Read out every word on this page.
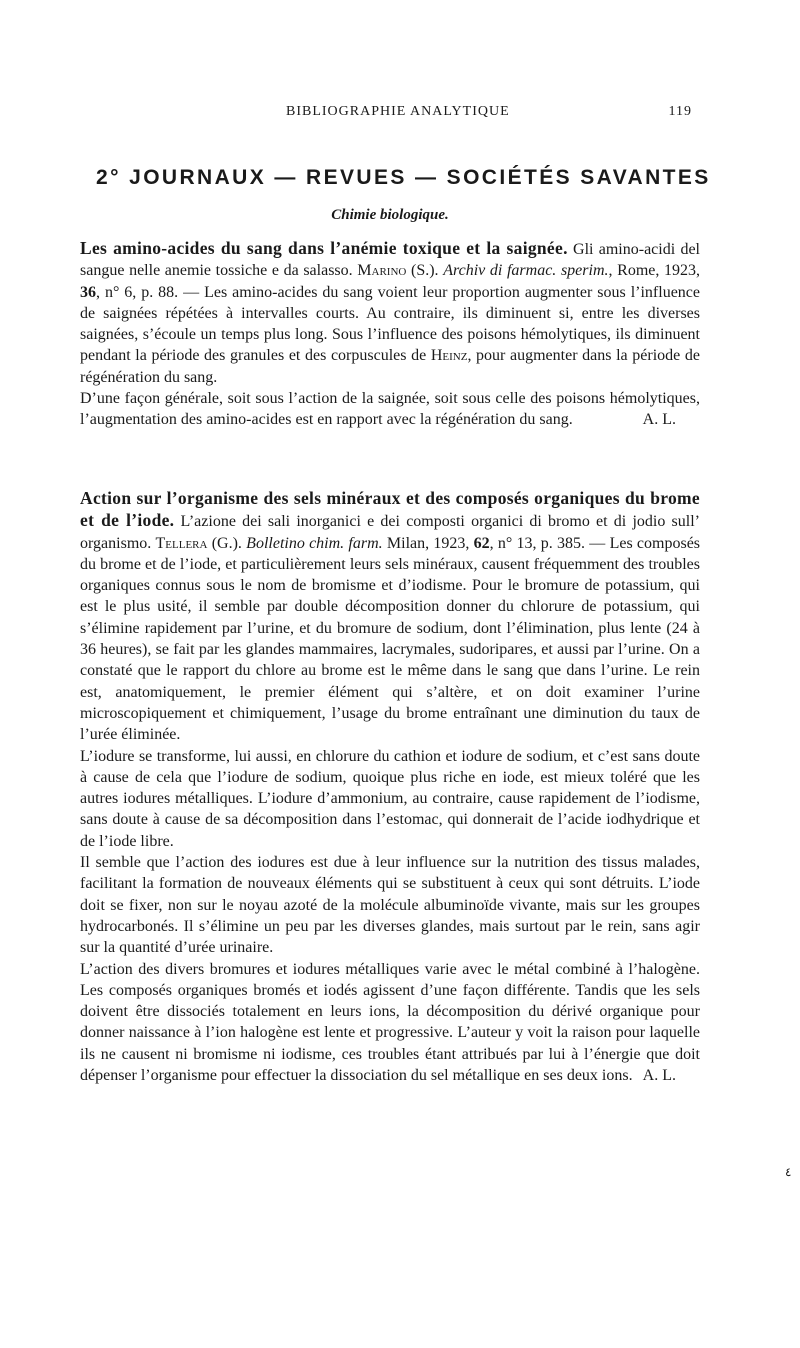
BIBLIOGRAPHIE ANALYTIQUE	119
2° JOURNAUX — REVUES — SOCIÉTÉS SAVANTES
Chimie biologique.

Les amino-acides du sang dans l’anémie toxique et la saignée. Gli amino-acidi del sangue nelle anemie tossiche e da salasso. Marino (S.). Archiv di farmac. sperim., Rome, 1923, 36, n° 6, p. 88. — Les amino-acides du sang voient leur proportion augmenter sous l’influence de saignées répétées à intervalles courts. Au contraire, ils diminuent si, entre les diverses saignées, s’écoule un temps plus long. Sous l’influence des poisons hémolytiques, ils diminuent pendant la période des granules et des corpuscules de Heinz, pour augmenter dans la période de régénération du sang.

D’une façon générale, soit sous l’action de la saignée, soit sous celle des poisons hémolytiques, l’augmentation des amino-acides est en rapport avec la régénération du sang.	A. L.

Action sur l’organisme des sels minéraux et des composés organiques du brome et de l’iode. L’azione dei sali inorganici e dei composti organici di bromo et di jodio sull’ organismo. Tellera (G.). Bolletino chim. farm. Milan, 1923, 62, n° 13, p. 385. — Les composés du brome et de l’iode, et particulièrement leurs sels minéraux, causent fréquemment des troubles organiques connus sous le nom de bromisme et d’iodisme. Pour le bromure de potassium, qui est le plus usité, il semble par double décomposition donner du chlorure de potassium, qui s’élimine rapidement par l’urine, et du bromure de sodium, dont l’élimination, plus lente (24 à 36 heures), se fait par les glandes mammaires, lacrymales, sudoripares, et aussi par l’urine. On a constaté que le rapport du chlore au brome est le même dans le sang que dans l’urine. Le rein est, anatomiquement, le premier élément qui s’altère, et on doit examiner l’urine microscopiquement et chimiquement, l’usage du brome entraînant une diminution du taux de l’urée éliminée.

L’iodure se transforme, lui aussi, en chlorure du cathion et iodure de sodium, et c’est sans doute à cause de cela que l’iodure de sodium, quoique plus riche en iode, est mieux toléré que les autres iodures métalliques. L’iodure d’ammonium, au contraire, cause rapidement de l’iodisme, sans doute à cause de sa décomposition dans l’estomac, qui donnerait de l’acide iodhydrique et de l’iode libre.

Il semble que l’action des iodures est due à leur influence sur la nutrition des tissus malades, facilitant la formation de nouveaux éléments qui se substituent à ceux qui sont détruits. L’iode doit se fixer, non sur le noyau azoté de la molécule albuminoïde vivante, mais sur les groupes hydrocarbonés. Il s’élimine un peu par les diverses glandes, mais surtout par le rein, sans agir sur la quantité d’urée urinaire.

L’action des divers bromures et iodures métalliques varie avec le métal combiné à l’halogène. Les composés organiques bromés et iodés agissent d’une façon différente. Tandis que les sels doivent être dissociés totalement en leurs ions, la décomposition du dérivé organique pour donner naissance à l’ion halogène est lente et progressive. L’auteur y voit la raison pour laquelle ils ne causent ni bromisme ni iodisme, ces troubles étant attribués par lui à l’énergie que doit dépenser l’organisme pour effectuer la dissociation du sel métallique en ses deux ions. A. L.

٤
